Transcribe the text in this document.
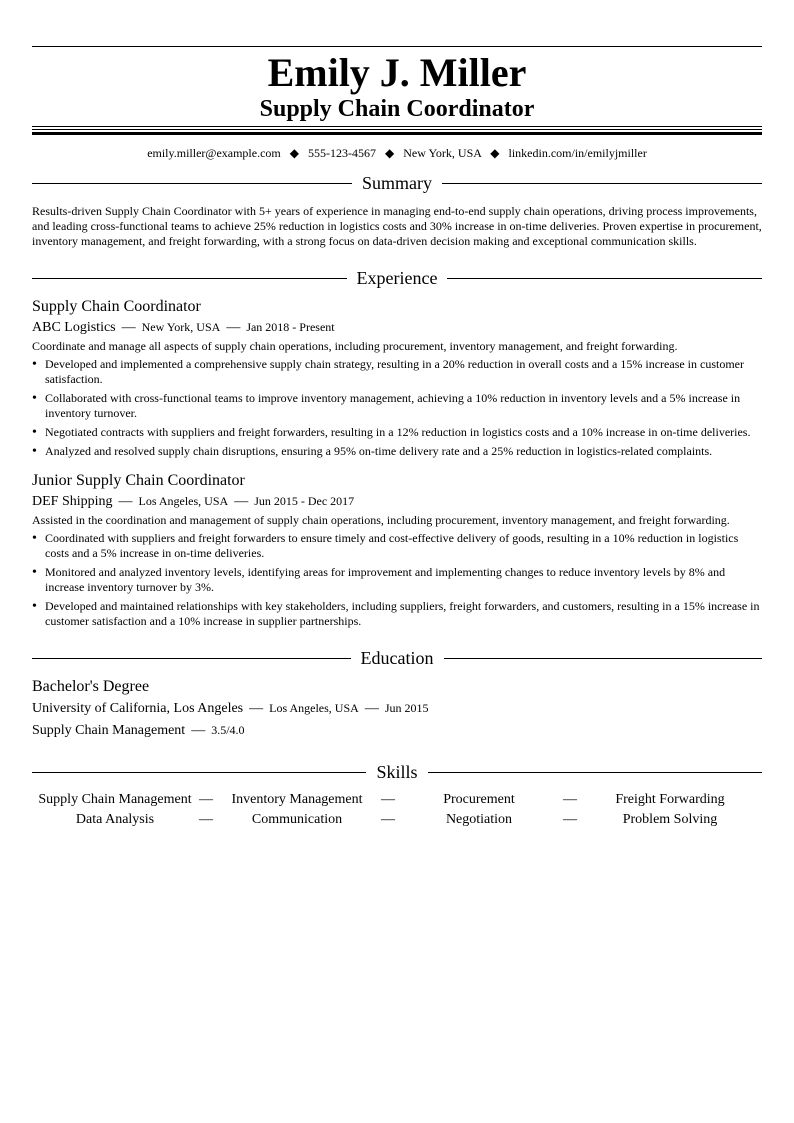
Emily J. Miller
Supply Chain Coordinator
emily.miller@example.com ◆ 555-123-4567 ◆ New York, USA ◆ linkedin.com/in/emilyjmiller
Summary
Results-driven Supply Chain Coordinator with 5+ years of experience in managing end-to-end supply chain operations, driving process improvements, and leading cross-functional teams to achieve 25% reduction in logistics costs and 30% increase in on-time deliveries. Proven expertise in procurement, inventory management, and freight forwarding, with a strong focus on data-driven decision making and exceptional communication skills.
Experience
Supply Chain Coordinator
ABC Logistics — New York, USA — Jan 2018 - Present
Coordinate and manage all aspects of supply chain operations, including procurement, inventory management, and freight forwarding.
• Developed and implemented a comprehensive supply chain strategy, resulting in a 20% reduction in overall costs and a 15% increase in customer satisfaction.
• Collaborated with cross-functional teams to improve inventory management, achieving a 10% reduction in inventory levels and a 5% increase in inventory turnover.
• Negotiated contracts with suppliers and freight forwarders, resulting in a 12% reduction in logistics costs and a 10% increase in on-time deliveries.
• Analyzed and resolved supply chain disruptions, ensuring a 95% on-time delivery rate and a 25% reduction in logistics-related complaints.
Junior Supply Chain Coordinator
DEF Shipping — Los Angeles, USA — Jun 2015 - Dec 2017
Assisted in the coordination and management of supply chain operations, including procurement, inventory management, and freight forwarding.
• Coordinated with suppliers and freight forwarders to ensure timely and cost-effective delivery of goods, resulting in a 10% reduction in logistics costs and a 5% increase in on-time deliveries.
• Monitored and analyzed inventory levels, identifying areas for improvement and implementing changes to reduce inventory levels by 8% and increase inventory turnover by 3%.
• Developed and maintained relationships with key stakeholders, including suppliers, freight forwarders, and customers, resulting in a 15% increase in customer satisfaction and a 10% increase in supplier partnerships.
Education
Bachelor's Degree
University of California, Los Angeles — Los Angeles, USA — Jun 2015
Supply Chain Management — 3.5/4.0
Skills
Supply Chain Management —	Inventory Management	—	Procurement	—	Freight Forwarding
Data Analysis	—	Communication	—	Negotiation	—	Problem Solving
